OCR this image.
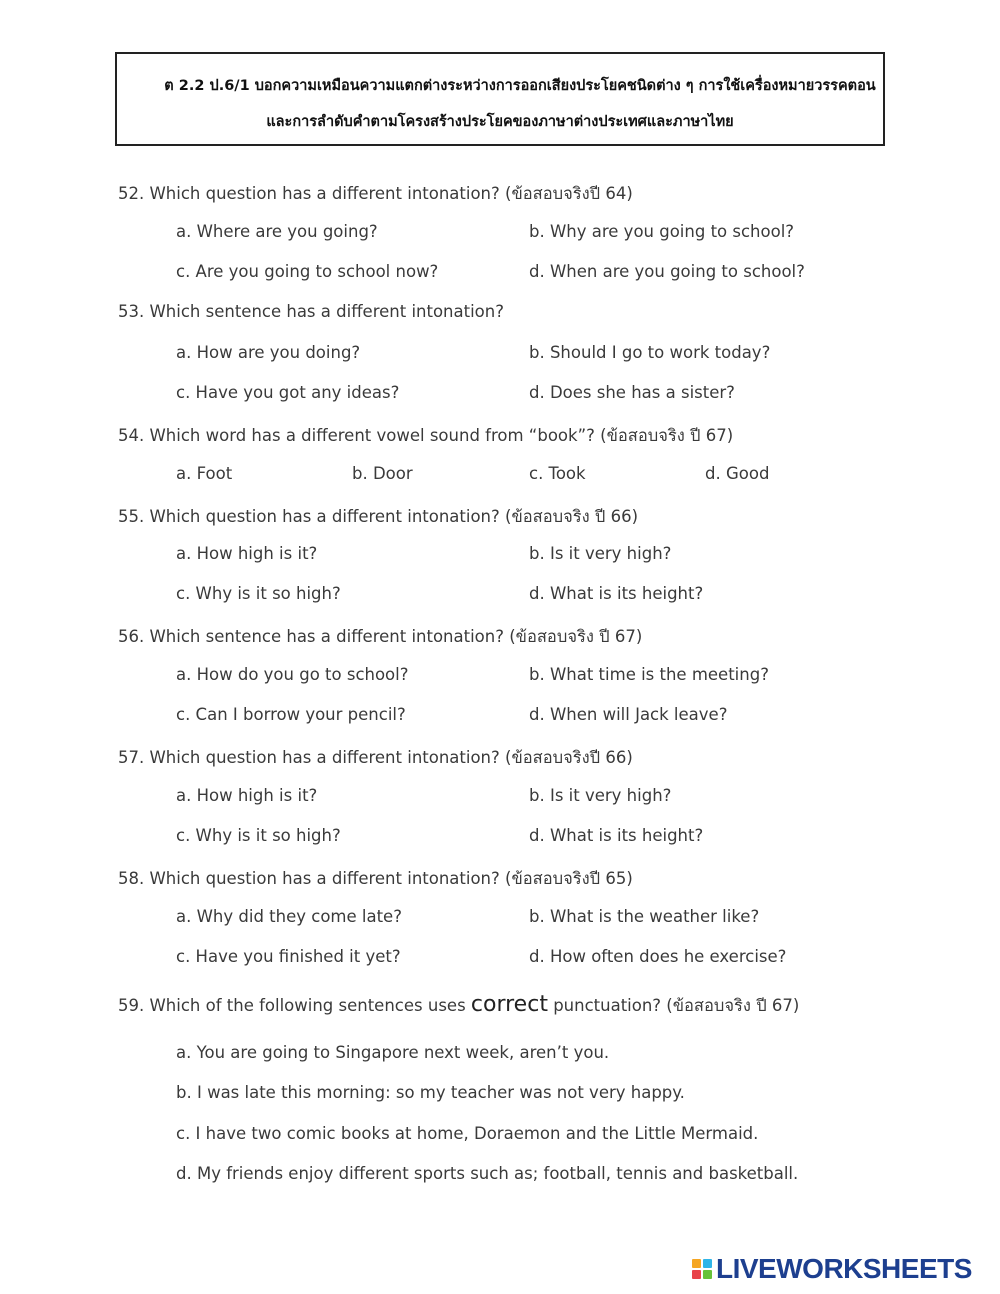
ต 2.2 ป.6/1 บอกความเหมือนความแตกต่างระหว่างการออกเสียงประโยคชนิดต่าง ๆ การใช้เครื่องหมายวรรคตอน
และการลำดับคำตามโครงสร้างประโยคของภาษาต่างประเทศและภาษาไทย
52. Which question has a different intonation? (ข้อสอบจริงปี 64)
a. Where are you going?	b. Why are you going to school?
c. Are you going to school now?	d. When are you going to school?
53. Which sentence has a different intonation?
a. How are you doing?	b. Should I go to work today?
c. Have you got any ideas?	d. Does she has a sister?
54. Which word has a different vowel sound from “book”? (ข้อสอบจริง ปี 67)
a. Foot	b. Door	c. Took	d. Good
55. Which question has a different intonation? (ข้อสอบจริง ปี 66)
a. How high is it?	b. Is it very high?
c. Why is it so high?	d. What is its height?
56. Which sentence has a different intonation? (ข้อสอบจริง ปี 67)
a. How do you go to school?	b. What time is the meeting?
c. Can I borrow your pencil?	d. When will Jack leave?
57. Which question has a different intonation? (ข้อสอบจริงปี 66)
a. How high is it?	b. Is it very high?
c. Why is it so high?	d. What is its height?
58. Which question has a different intonation? (ข้อสอบจริงปี 65)
a. Why did they come late?	b. What is the weather like?
c. Have you finished it yet?	d. How often does he exercise?
59. Which of the following sentences uses correct punctuation? (ข้อสอบจริง ปี 67)
a. You are going to Singapore next week, aren’t you.
b. I was late this morning: so my teacher was not very happy.
c. I have two comic books at home, Doraemon and the Little Mermaid.
d. My friends enjoy different sports such as; football, tennis and basketball.
LIVEWORKSHEETS
